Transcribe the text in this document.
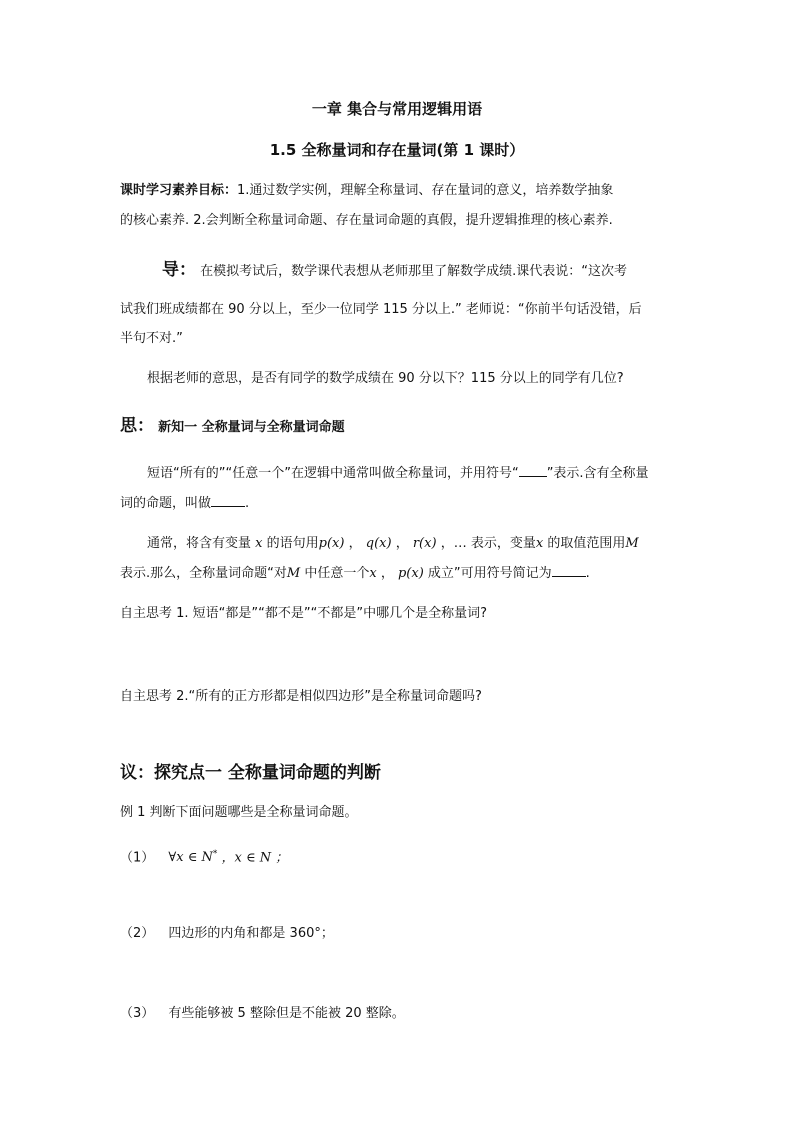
一章 集合与常用逻辑用语
1.5 全称量词和存在量词(第 1 课时）
课时学习素养目标：1.通过数学实例，理解全称量词、存在量词的意义，培养数学抽象
的核心素养. 2.会判断全称量词命题、存在量词命题的真假，提升逻辑推理的核心素养.
导： 在模拟考试后，数学课代表想从老师那里了解数学成绩.课代表说：“这次考
试我们班成绩都在 90 分以上，至少一位同学 115 分以上.” 老师说：“你前半句话没错，后
半句不对.”
根据老师的意思，是否有同学的数学成绩在 90 分以下？115 分以上的同学有几位?
思： 新知一 全称量词与全称量词命题
短语“所有的”“任意一个”在逻辑中通常叫做全称量词，并用符号“ ”表示.含有全称量
词的命题，叫做	.
通常，将含有变量 x 的语句用p(x) ， q(x) ， r(x) ，… 表示，变量x 的取值范围用M
表示.那么，全称量词命题“对M 中任意一个x ， p(x) 成立”可用符号简记为	.
自主思考 1. 短语“都是”“都不是”“不都是”中哪几个是全称量词?
自主思考 2.“所有的正方形都是相似四边形”是全称量词命题吗?
议：探究点一 全称量词命题的判断
例 1 判断下面问题哪些是全称量词命题。
（1） ∀x ∈ N* ，x ∈ N ；
（2） 四边形的内角和都是 360°；
（3） 有些能够被 5 整除但是不能被 20 整除。
